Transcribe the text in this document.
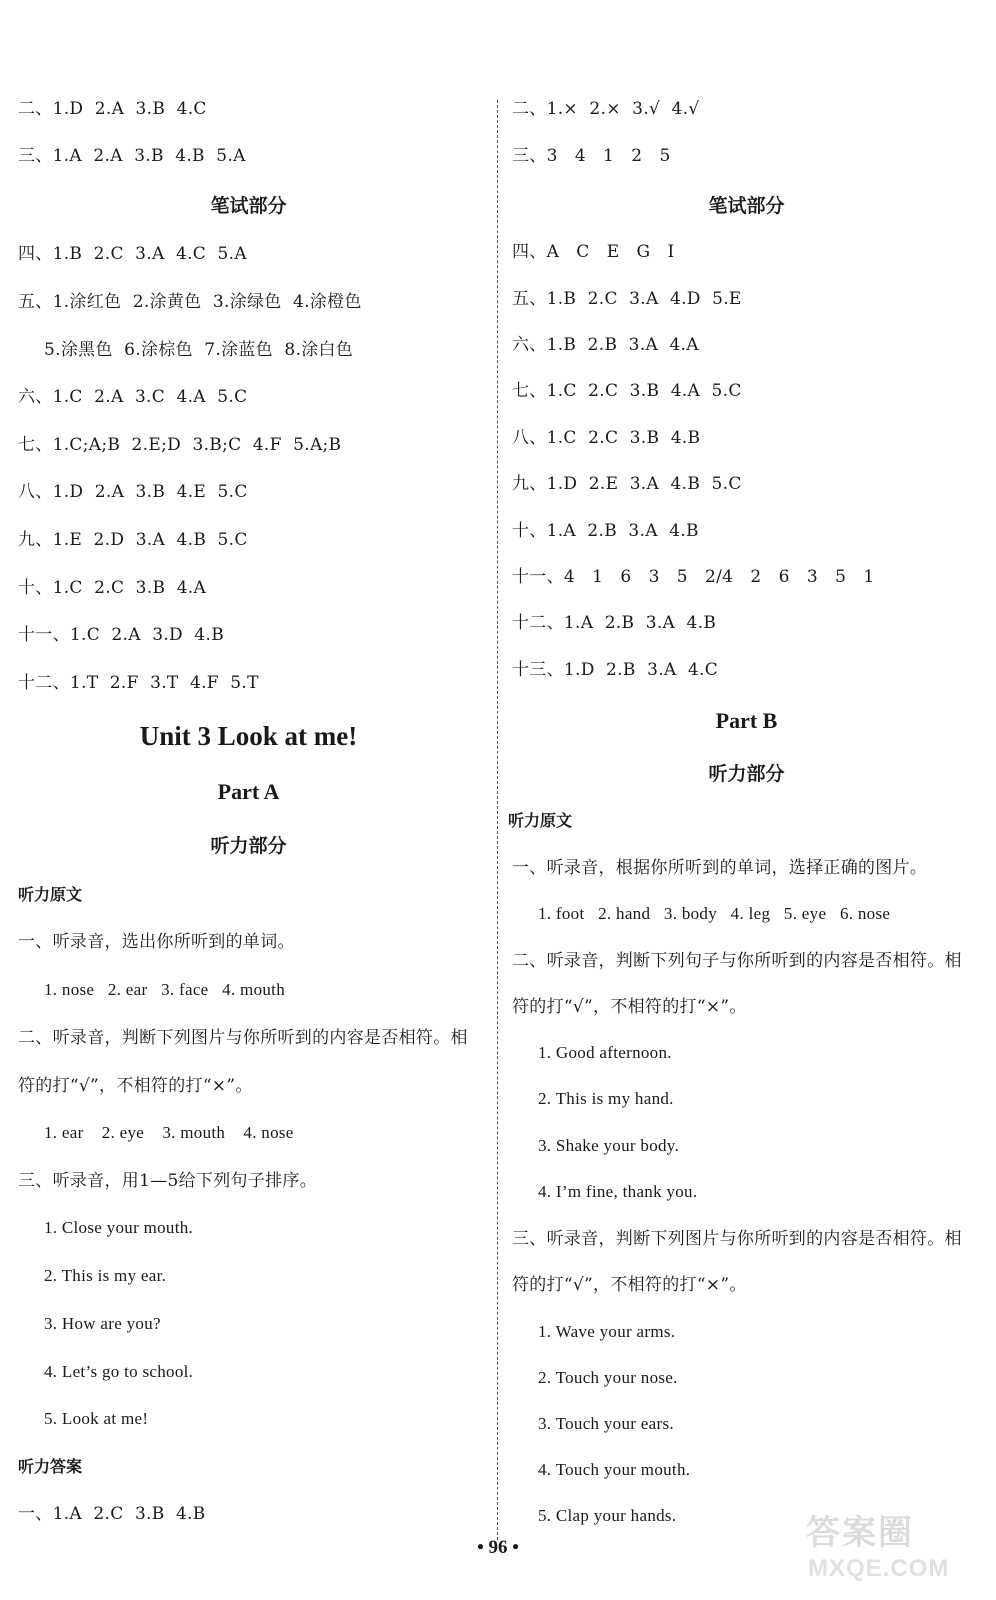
二、1.D  2.A  3.B  4.C
三、1.A  2.A  3.B  4.B  5.A
笔试部分
四、1.B  2.C  3.A  4.C  5.A
五、1.涂红色  2.涂黄色  3.涂绿色  4.涂橙色
5.涂黑色  6.涂棕色  7.涂蓝色  8.涂白色
六、1.C  2.A  3.C  4.A  5.C
七、1.C;A;B  2.E;D  3.B;C  4.F  5.A;B
八、1.D  2.A  3.B  4.E  5.C
九、1.E  2.D  3.A  4.B  5.C
十、1.C  2.C  3.B  4.A
十一、1.C  2.A  3.D  4.B
十二、1.T  2.F  3.T  4.F  5.T
Unit 3 Look at me!
Part A
听力部分
听力原文
一、听录音，选出你所听到的单词。
1. nose   2. ear   3. face   4. mouth
二、听录音，判断下列图片与你所听到的内容是否相符。相
符的打“√”，不相符的打“×”。
1. ear    2. eye    3. mouth    4. nose
三、听录音，用1—5给下列句子排序。
1. Close your mouth.
2. This is my ear.
3. How are you?
4. Let’s go to school.
5. Look at me!
听力答案
一、1.A  2.C  3.B  4.B
二、1.×  2.×  3.√  4.√
三、3   4   1   2   5
笔试部分
四、A   C   E   G   I
五、1.B  2.C  3.A  4.D  5.E
六、1.B  2.B  3.A  4.A
七、1.C  2.C  3.B  4.A  5.C
八、1.C  2.C  3.B  4.B
九、1.D  2.E  3.A  4.B  5.C
十、1.A  2.B  3.A  4.B
十一、4   1   6   3   5   2/4   2   6   3   5   1
十二、1.A  2.B  3.A  4.B
十三、1.D  2.B  3.A  4.C
Part B
听力部分
听力原文
一、听录音，根据你所听到的单词，选择正确的图片。
1. foot   2. hand   3. body   4. leg   5. eye   6. nose
二、听录音，判断下列句子与你所听到的内容是否相符。相
符的打“√”，不相符的打“×”。
1. Good afternoon.
2. This is my hand.
3. Shake your body.
4. I’m fine, thank you.
三、听录音，判断下列图片与你所听到的内容是否相符。相
符的打“√”，不相符的打“×”。
1. Wave your arms.
2. Touch your nose.
3. Touch your ears.
4. Touch your mouth.
5. Clap your hands.
• 96 •	答案圈
MXQE.COM
